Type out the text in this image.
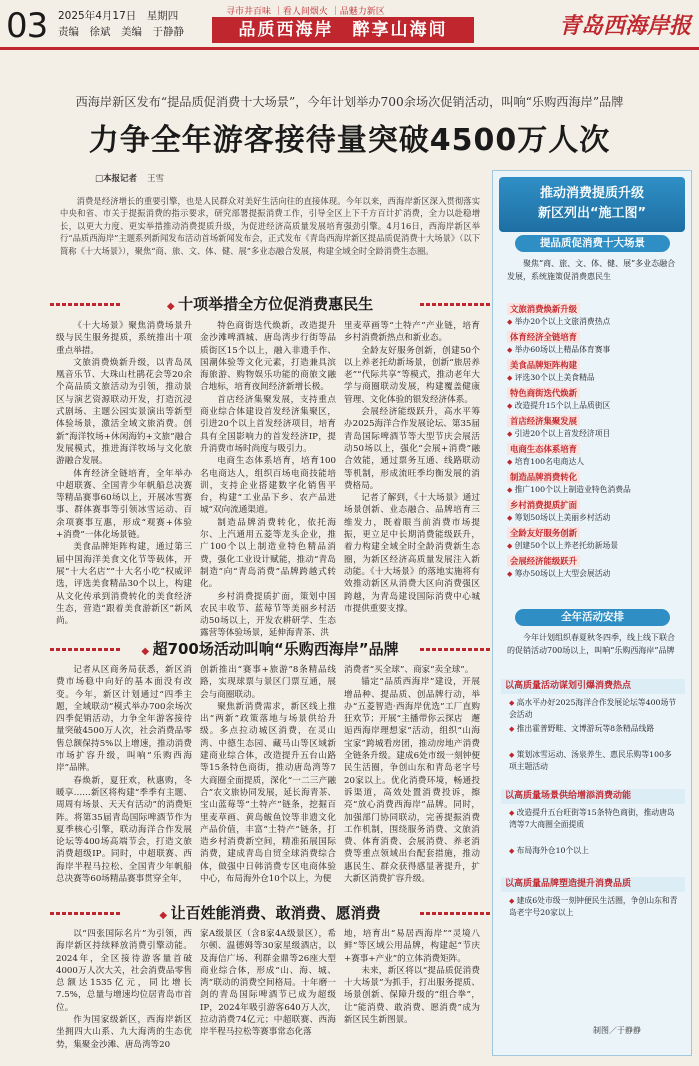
03 2025年4月17日　星期四
责编　徐斌　美编　于静静
寻市井百味 ｜看人间烟火 ｜品魅力新区
品质西海岸　醉享山海间	青岛西海岸报
西海岸新区发布“提品质促消费十大场景”，今年计划举办700余场次促销活动，叫响“乐购西海岸”品牌
力争全年游客接待量突破4500万人次
□本报记者 王雪
消费是经济增长的重要引擎，也是人民群众对美好生活向往的直接体现。今年以来，西海岸新区深入贯彻落实中央和省、市关于提振消费的指示要求，研究部署提振消费工作，引导全区上下千方百计扩消费，全力以赴稳增长，以更大力度、更实举措推动消费提质升级，为促进经济高质量发展培育强劲引擎。4月16日，西海岸新区举行“品质西海岸”主题系列新闻发布活动首场新闻发布会，正式发布《青岛西海岸新区提品质促消费十大场景》（以下简称《十大场景》），聚焦“商、旅、文、体、健、展”多业态融合发展，构建全域全时全龄消费生态圈。
◆ 十项举措全方位促消费惠民生

《十大场景》聚焦消费场景升级与民生服务提质，系统推出十项重点举措。

文旅消费焕新升级，以青岛凤凰音乐节、大珠山杜鹃花会等20余个高品质文旅活动为引领，推动景区与演艺资源联动开发，打造沉浸式剧场、主题公园实景演出等新型体验场景，激活全域文旅消费。创新“海洋牧场+休闲海钓+文旅”融合发展模式，推进海洋牧场与文化旅游融合发展。

体育经济全链培育，全年举办中超联赛、全国青少年帆船总决赛等精品赛事60场以上，开展冰雪赛事、群体赛事等引领冰雪运动、百余项赛事互惠，形成“观赛+体验+消费”一体化场景链。

美食品牌矩阵构建，通过第三届中国海洋美食文化节等载体，开展“十大名店”“十大名小吃”权威评选，评选美食精品30个以上，构建从文化传承到消费转化的美食经济生态，营造“跟着美食游新区”新风尚。

特色商街迭代焕新，改造提升金沙滩啤酒城、唐岛湾步行街等品质街区15个以上，融入非遗手作、国潮体验等文化元素，打造兼具滨海旅游、购物娱乐功能的商旅文融合地标，培育夜间经济新增长极。

首店经济集聚发展，支持重点商业综合体建设首发经济集聚区，引进20个以上首发经济项目，培育具有全国影响力的首发经济IP，提升消费市场时尚度与吸引力。

电商生态体系培育，培育100名电商达人，组织百场电商技能培训，支持企业搭建数字化销售平台，构建“工业品下乡、农产品进城”双向流通渠道。

制造品牌消费转化，依托海尔、上汽通用五菱等龙头企业，推广100个以上制造业特色精品消费，强化工业设计赋能，推动“青岛制造”向“青岛消费”品牌跨越式转化。

乡村消费提质扩面，策划中国农民丰收节、蓝莓节等美丽乡村活动50场以上，开发农耕研学、生态露营等体验场景，延伸海青茶、洪

里麦草画等“土特产”产业链，培育乡村消费新热点和新业态。

全龄友好服务创新，创建50个以上养老托幼新场景，创新“旅居养老”“代际共享”等模式，推动老年大学与商圈联动发展，构建覆盖健康管理、文化体验的银发经济体系。

会展经济能级跃升，高水平筹办2025海洋合作发展论坛、第35届青岛国际啤酒节等大型节庆会展活动50场以上，强化“会展+消费”融合效能，通过票务互通、线路联动等机制，形成流旺季均衡发展的消费格局。

记者了解到，《十大场景》通过场景创新、业态融合、品牌培育三维发力，既着眼当前消费市场提振，更立足中长期消费能级跃升，着力构建全域全时全龄消费新生态圈，为新区经济高质量发展注入新动能。《十大场景》的落地实施将有效推动新区从消费大区向消费强区跨越，为青岛建设国际消费中心城市提供重要支撑。

◆ 超700场活动叫响“乐购西海岸”品牌

记者从区商务局获悉，新区消费市场稳中向好的基本面没有改变。今年，新区计划通过“四季主题，全域联动”模式举办700余场次四季促销活动，力争全年游客接待量突破4500万人次，社会消费品零售总额保持5%以上增速，推动消费市场扩容升级，叫响“乐购西海岸”品牌。

春焕新，夏狂欢，秋惠购，冬暖享……新区将构建“季季有主题、周周有场景、天天有活动”的消费矩阵。将第35届青岛国际啤酒节作为夏季核心引擎，联动海洋合作发展论坛等400场高端节会，打造文旅消费超级IP。同时，中超联赛、西海岸半程马拉松、全国青少年帆船总决赛等60场精品赛事贯穿全年，

创新推出“赛事+旅游”8条精品线路，实现球票与景区门票互通，展会与商圈联动。

聚焦新消费需求，新区线上推出“两新”政策落地与场景供给升级。多点拉动城区消费，在灵山湾、中德生态园、藏马山等区域新建商业综合体，改造提升五台山路等15条特色商街，推动唐岛湾等7大商圈全面提质，深化“一二三产融合”农文旅协同发展，延长海青茶、宝山蓝莓等“土特产”链条，挖掘百里麦草画、黄岛鲅鱼饺等非遗文化产品价值，丰富“土特产”链条，打造乡村消费新空间，精准拓展国际消费，建成青岛自贸全球消费综合体，做强中日韩消费专区电商体验中心，布局海外仓10个以上，为便

消费者“买全球”、商家“卖全球”。

锚定“品质西海岸”建设，开展增品种、提品质、创品牌行动，举办“五菱智造·西海岸优选”工厂直购狂欢节；开展“主播带你云探店　邂逅西海岸理想家”活动，组织“山海宝家”跨城看房团，推动房地产消费全链条升级。建成6处市级一刻钟便民生活圈，争创山东和青岛老字号20家以上。优化消费环境，畅通投诉渠道，高效处置消费投诉，擦亮“放心消费西海岸”品牌。同时，加强部门协同联动，完善提振消费工作机制，围绕服务消费、文旅消费、体育消费、会展消费、养老消费等重点领域出台配套措施，推动惠民生、群众获得感显著提升，扩大新区消费扩容升级。

◆ 让百姓能消费、敢消费、愿消费

以“四张国际名片”为引领，西海岸新区持续释放消费引擎动能。2024年，全区接待游客量首破4000万人次大关，社会消费品零售总额达1535亿元，同比增长7.5%，总量与增速均位居青岛市首位。

作为国家级新区，西海岸新区坐拥四大山系、九大海湾的生态优势，集聚金沙滩、唐岛湾等20

家A级景区（含8家4A级景区），希尔顿、温德姆等30家星级酒店，以及海信广场、利群金鼎等26座大型商业综合体，形成“山、海、城、湾”联动的消费空间格局。十年磨一剑的青岛国际啤酒节已成为超级IP，2024年吸引游客640万人次，拉动消费74亿元；中超联赛、西海岸半程马拉松等赛事常态化落

地，培育出“易居西海岸”“灵境八鲜”等区域公用品牌，构建起“节庆+赛事+产业”的立体消费矩阵。

未来，新区将以“提品质促消费十大场景”为抓手，打出服务提质、场景创新、保障升级的“组合拳”，让“能消费、敢消费、愿消费”成为新区民生新图景。

推动消费提质升级
新区列出“施工图”
提品质促消费十大场景
聚焦“商、旅、文、体、健、展”多业态融合发展，系统施策促消费惠民生
文旅消费焕新升级
◆ 举办20个以上文旅消费热点
体育经济全链培育
◆ 举办60场以上精品体育赛事
美食品牌矩阵构建
◆ 评选30个以上美食精品
特色商街迭代焕新
◆ 改造提升15个以上品质街区
首店经济集聚发展
◆ 引进20个以上首发经济项目
电商生态体系培育
◆ 培育100名电商达人
制造品牌消费转化
◆ 推广100个以上制造业特色消费品
乡村消费提质扩面
◆ 筹划50场以上美丽乡村活动
全龄友好服务创新
◆ 创建50个以上养老托幼新场景
会展经济能级跃升
◆ 筹办50场以上大型会展活动
全年活动安排
今年计划组织春夏秋冬四季，线上线下联合的促销活动700场以上，叫响“乐购西海岸”品牌
以高质量活动谋划引爆消费热点
◆ 高水平办好2025海洋合作发展论坛等400场节会活动
◆ 推出霍普野畦、文博游玩等8条精品线路
◆ 策划冰雪运动、汤泉养生、惠民乐购等100多项主题活动
以高质量场景供给增添消费动能
◆ 改造提升五台旺街等15条特色商街，推动唐岛湾等7大商圈全面提质
◆ 布局海外仓10个以上
以高质量品牌塑造提升消费品质
◆ 建成6处市级一刻钟便民生活圈，争创山东和青岛老字号20家以上
制图／于静静
